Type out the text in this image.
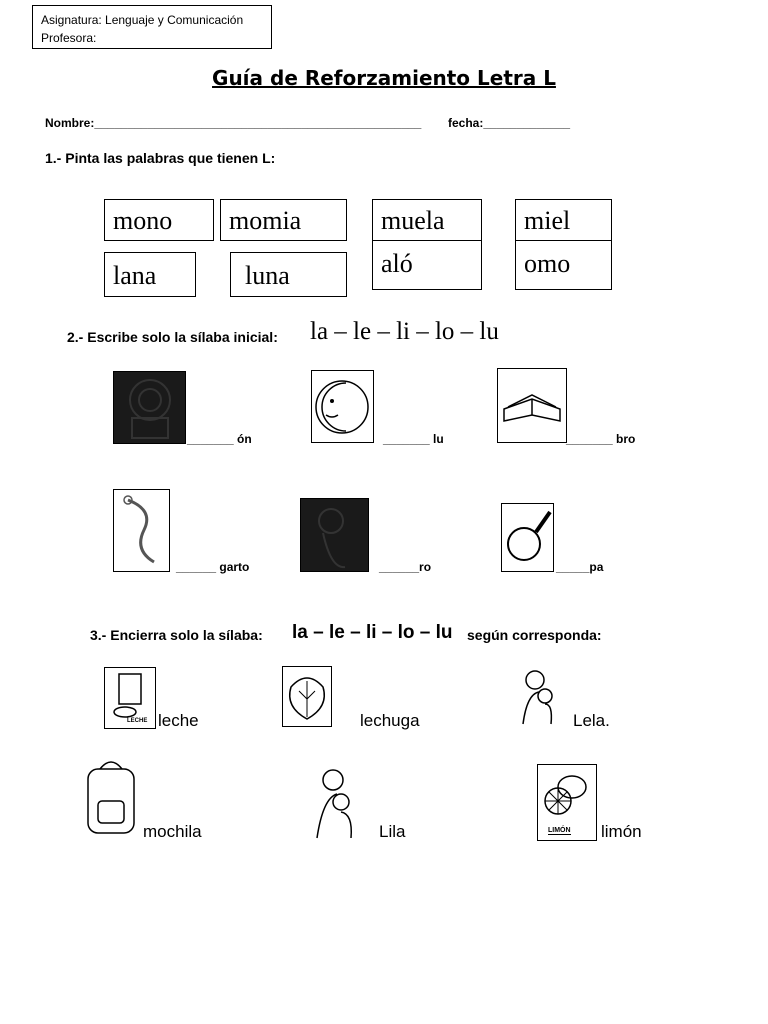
Asignatura: Lenguaje y Comunicación
Profesora:
Guía de Reforzamiento Letra L
Nombre:_________________________________________________ fecha:_____________
1.- Pinta las palabras que tienen L:
mono	momia	muela	miel
lana	luna	aló	omo
2.- Escribe solo la sílaba inicial: la – le – li – lo – lu
_______ ón	_______ lu	_______ bro
______ garto	______ro	_____pa
3.- Encierra solo la sílaba: la – le – li – lo – lu según corresponda:
LECHE leche	lechuga	Lela.
mochila	Lila	LIMÓN limón
